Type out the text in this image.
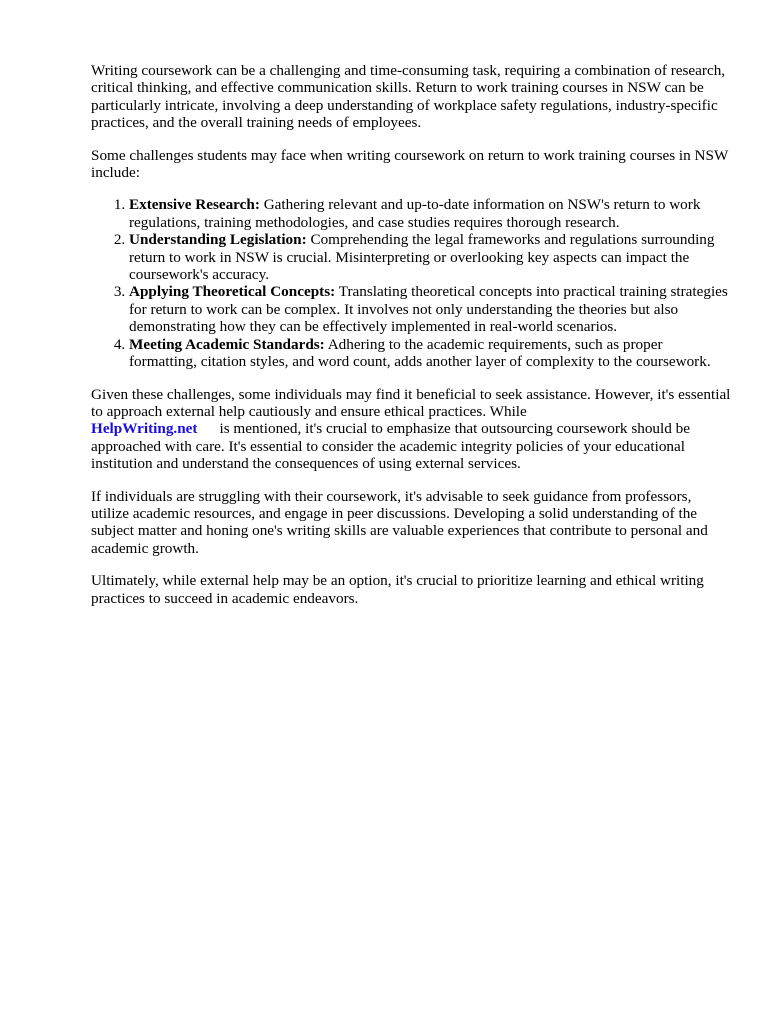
Writing coursework can be a challenging and time-consuming task, requiring a combination of research, critical thinking, and effective communication skills. Return to work training courses in NSW can be particularly intricate, involving a deep understanding of workplace safety regulations, industry-specific practices, and the overall training needs of employees.

Some challenges students may face when writing coursework on return to work training courses in NSW include:

1. Extensive Research: Gathering relevant and up-to-date information on NSW's return to work regulations, training methodologies, and case studies requires thorough research.
2. Understanding Legislation: Comprehending the legal frameworks and regulations surrounding return to work in NSW is crucial. Misinterpreting or overlooking key aspects can impact the coursework's accuracy.
3. Applying Theoretical Concepts: Translating theoretical concepts into practical training strategies for return to work can be complex. It involves not only understanding the theories but also demonstrating how they can be effectively implemented in real-world scenarios.
4. Meeting Academic Standards: Adhering to the academic requirements, such as proper formatting, citation styles, and word count, adds another layer of complexity to the coursework.

Given these challenges, some individuals may find it beneficial to seek assistance. However, it's essential to approach external help cautiously and ensure ethical practices. While
HelpWriting.net is mentioned, it's crucial to emphasize that outsourcing coursework should be approached with care. It's essential to consider the academic integrity policies of your educational institution and understand the consequences of using external services.

If individuals are struggling with their coursework, it's advisable to seek guidance from professors, utilize academic resources, and engage in peer discussions. Developing a solid understanding of the subject matter and honing one's writing skills are valuable experiences that contribute to personal and academic growth.

Ultimately, while external help may be an option, it's crucial to prioritize learning and ethical writing practices to succeed in academic endeavors.
